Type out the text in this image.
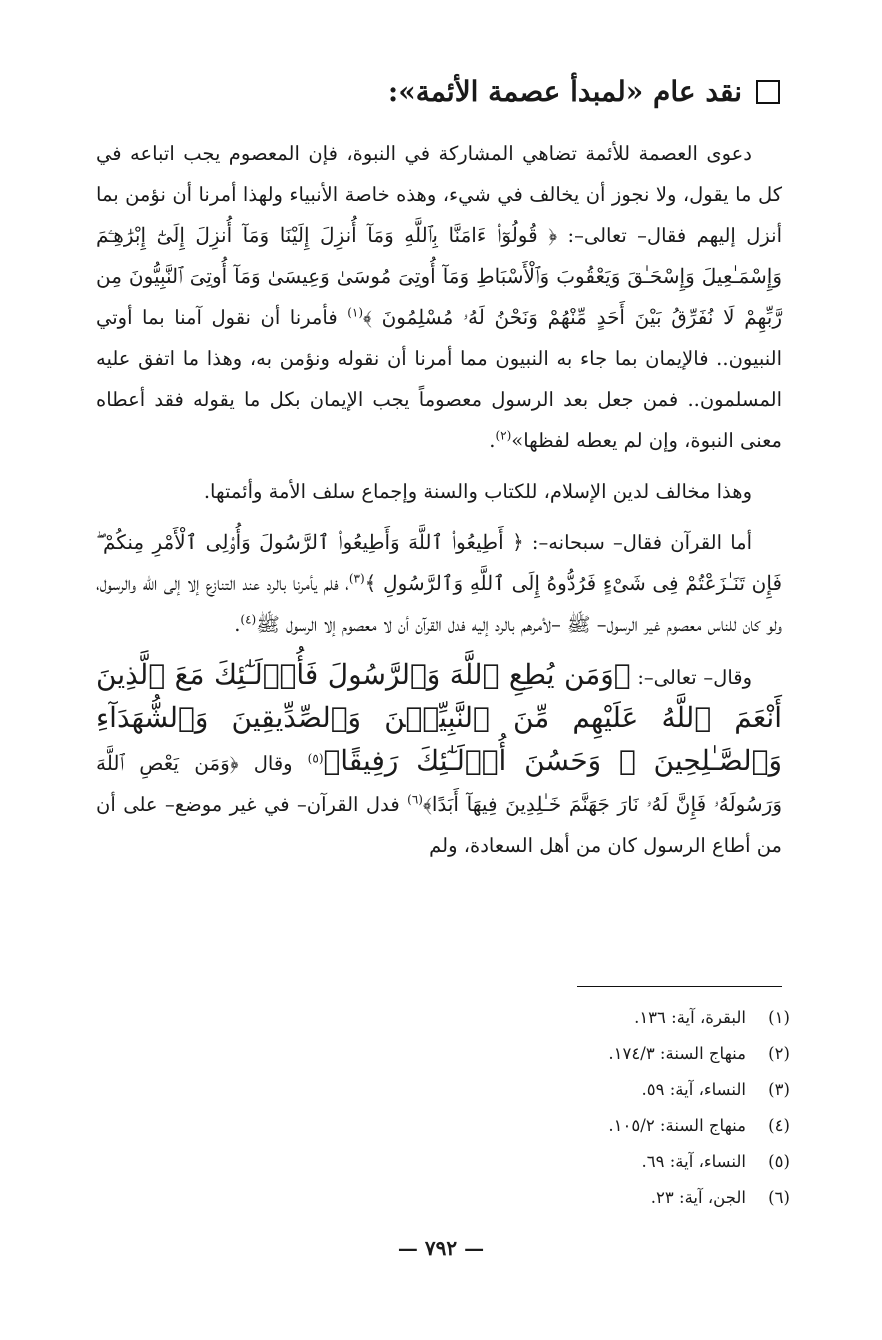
نقد عام «لمبدأ عصمة الأئمة»:

دعوى العصمة للأئمة تضاهي المشاركة في النبوة، فإن المعصوم يجب اتباعه في كل ما يقول، ولا نجوز أن يخالف في شيء، وهذه خاصة الأنبياء ولهذا أمرنا أن نؤمن بما أنزل إليهم فقال– تعالى–: ﴿ قُولُوٓا۟ ءَامَنَّا بِٱللَّهِ وَمَآ أُنزِلَ إِلَيْنَا وَمَآ أُنزِلَ إِلَىٰٓ إِبْرَٰهِـۧمَ وَإِسْمَـٰعِيلَ وَإِسْحَـٰقَ وَيَعْقُوبَ وَٱلْأَسْبَاطِ وَمَآ أُوتِىَ مُوسَىٰ وَعِيسَىٰ وَمَآ أُوتِىَ ٱلنَّبِيُّونَ مِن رَّبِّهِمْ لَا نُفَرِّقُ بَيْنَ أَحَدٍ مِّنْهُمْ وَنَحْنُ لَهُۥ مُسْلِمُونَ ﴾$^{(١)}$ فأمرنا أن نقول آمنا بما أوتي النبيون.. فالإيمان بما جاء به النبيون مما أمرنا أن نقوله ونؤمن به، وهذا ما اتفق عليه المسلمون.. فمن جعل بعد الرسول معصوماً يجب الإيمان بكل ما يقوله فقد أعطاه معنى النبوة، وإن لم يعطه لفظها»$^{(٢)}$.

وهذا مخالف لدين الإسلام، للكتاب والسنة وإجماع سلف الأمة وأئمتها.

أما القرآن فقال– سبحانه–: ﴿ أَطِيعُوا۟ ٱللَّهَ وَأَطِيعُوا۟ ٱلرَّسُولَ وَأُو۟لِى ٱلْأَمْرِ مِنكُمْ ۖ فَإِن تَنَـٰزَعْتُمْ فِى شَىْءٍ فَرُدُّوهُ إِلَى ٱللَّهِ وَٱلرَّسُولِ ﴾$^{(٣)}$، فلم يأمرنا بالرد عند التنازع إلا إلى الله والرسول، ولو كان للناس معصوم غير الرسول– ﷺ –لأمرهم بالرد إليه فدل القرآن أن لا معصوم إلا الرسول ﷺ$^{(٤)}$.

وقال– تعالى–: ﴿وَمَن يُطِعِ ٱللَّهَ وَٱلرَّسُولَ فَأُو۟لَـٰٓئِكَ مَعَ ٱلَّذِينَ أَنْعَمَ ٱللَّهُ عَلَيْهِم مِّنَ ٱلنَّبِيِّـۧنَ وَٱلصِّدِّيقِينَ وَٱلشُّهَدَآءِ وَٱلصَّـٰلِحِينَ ۚ وَحَسُنَ أُو۟لَـٰٓئِكَ رَفِيقًا﴾$^{(٥)}$ وقال ﴿وَمَن يَعْصِ ٱللَّهَ وَرَسُولَهُۥ فَإِنَّ لَهُۥ نَارَ جَهَنَّمَ خَـٰلِدِينَ فِيهَآ أَبَدًا﴾$^{(٦)}$ فدل القرآن– في غير موضع– على أن من أطاع الرسول كان من أهل السعادة، ولم

(١)
البقرة، آية: ١٣٦.
(٢)
منهاج السنة: ١٧٤/٣.
(٣)
النساء، آية: ٥٩.
(٤)
منهاج السنة: ١٠٥/٢.
(٥)
النساء، آية: ٦٩.
(٦)
الجن، آية: ٢٣.
— ٧٩٢ —
